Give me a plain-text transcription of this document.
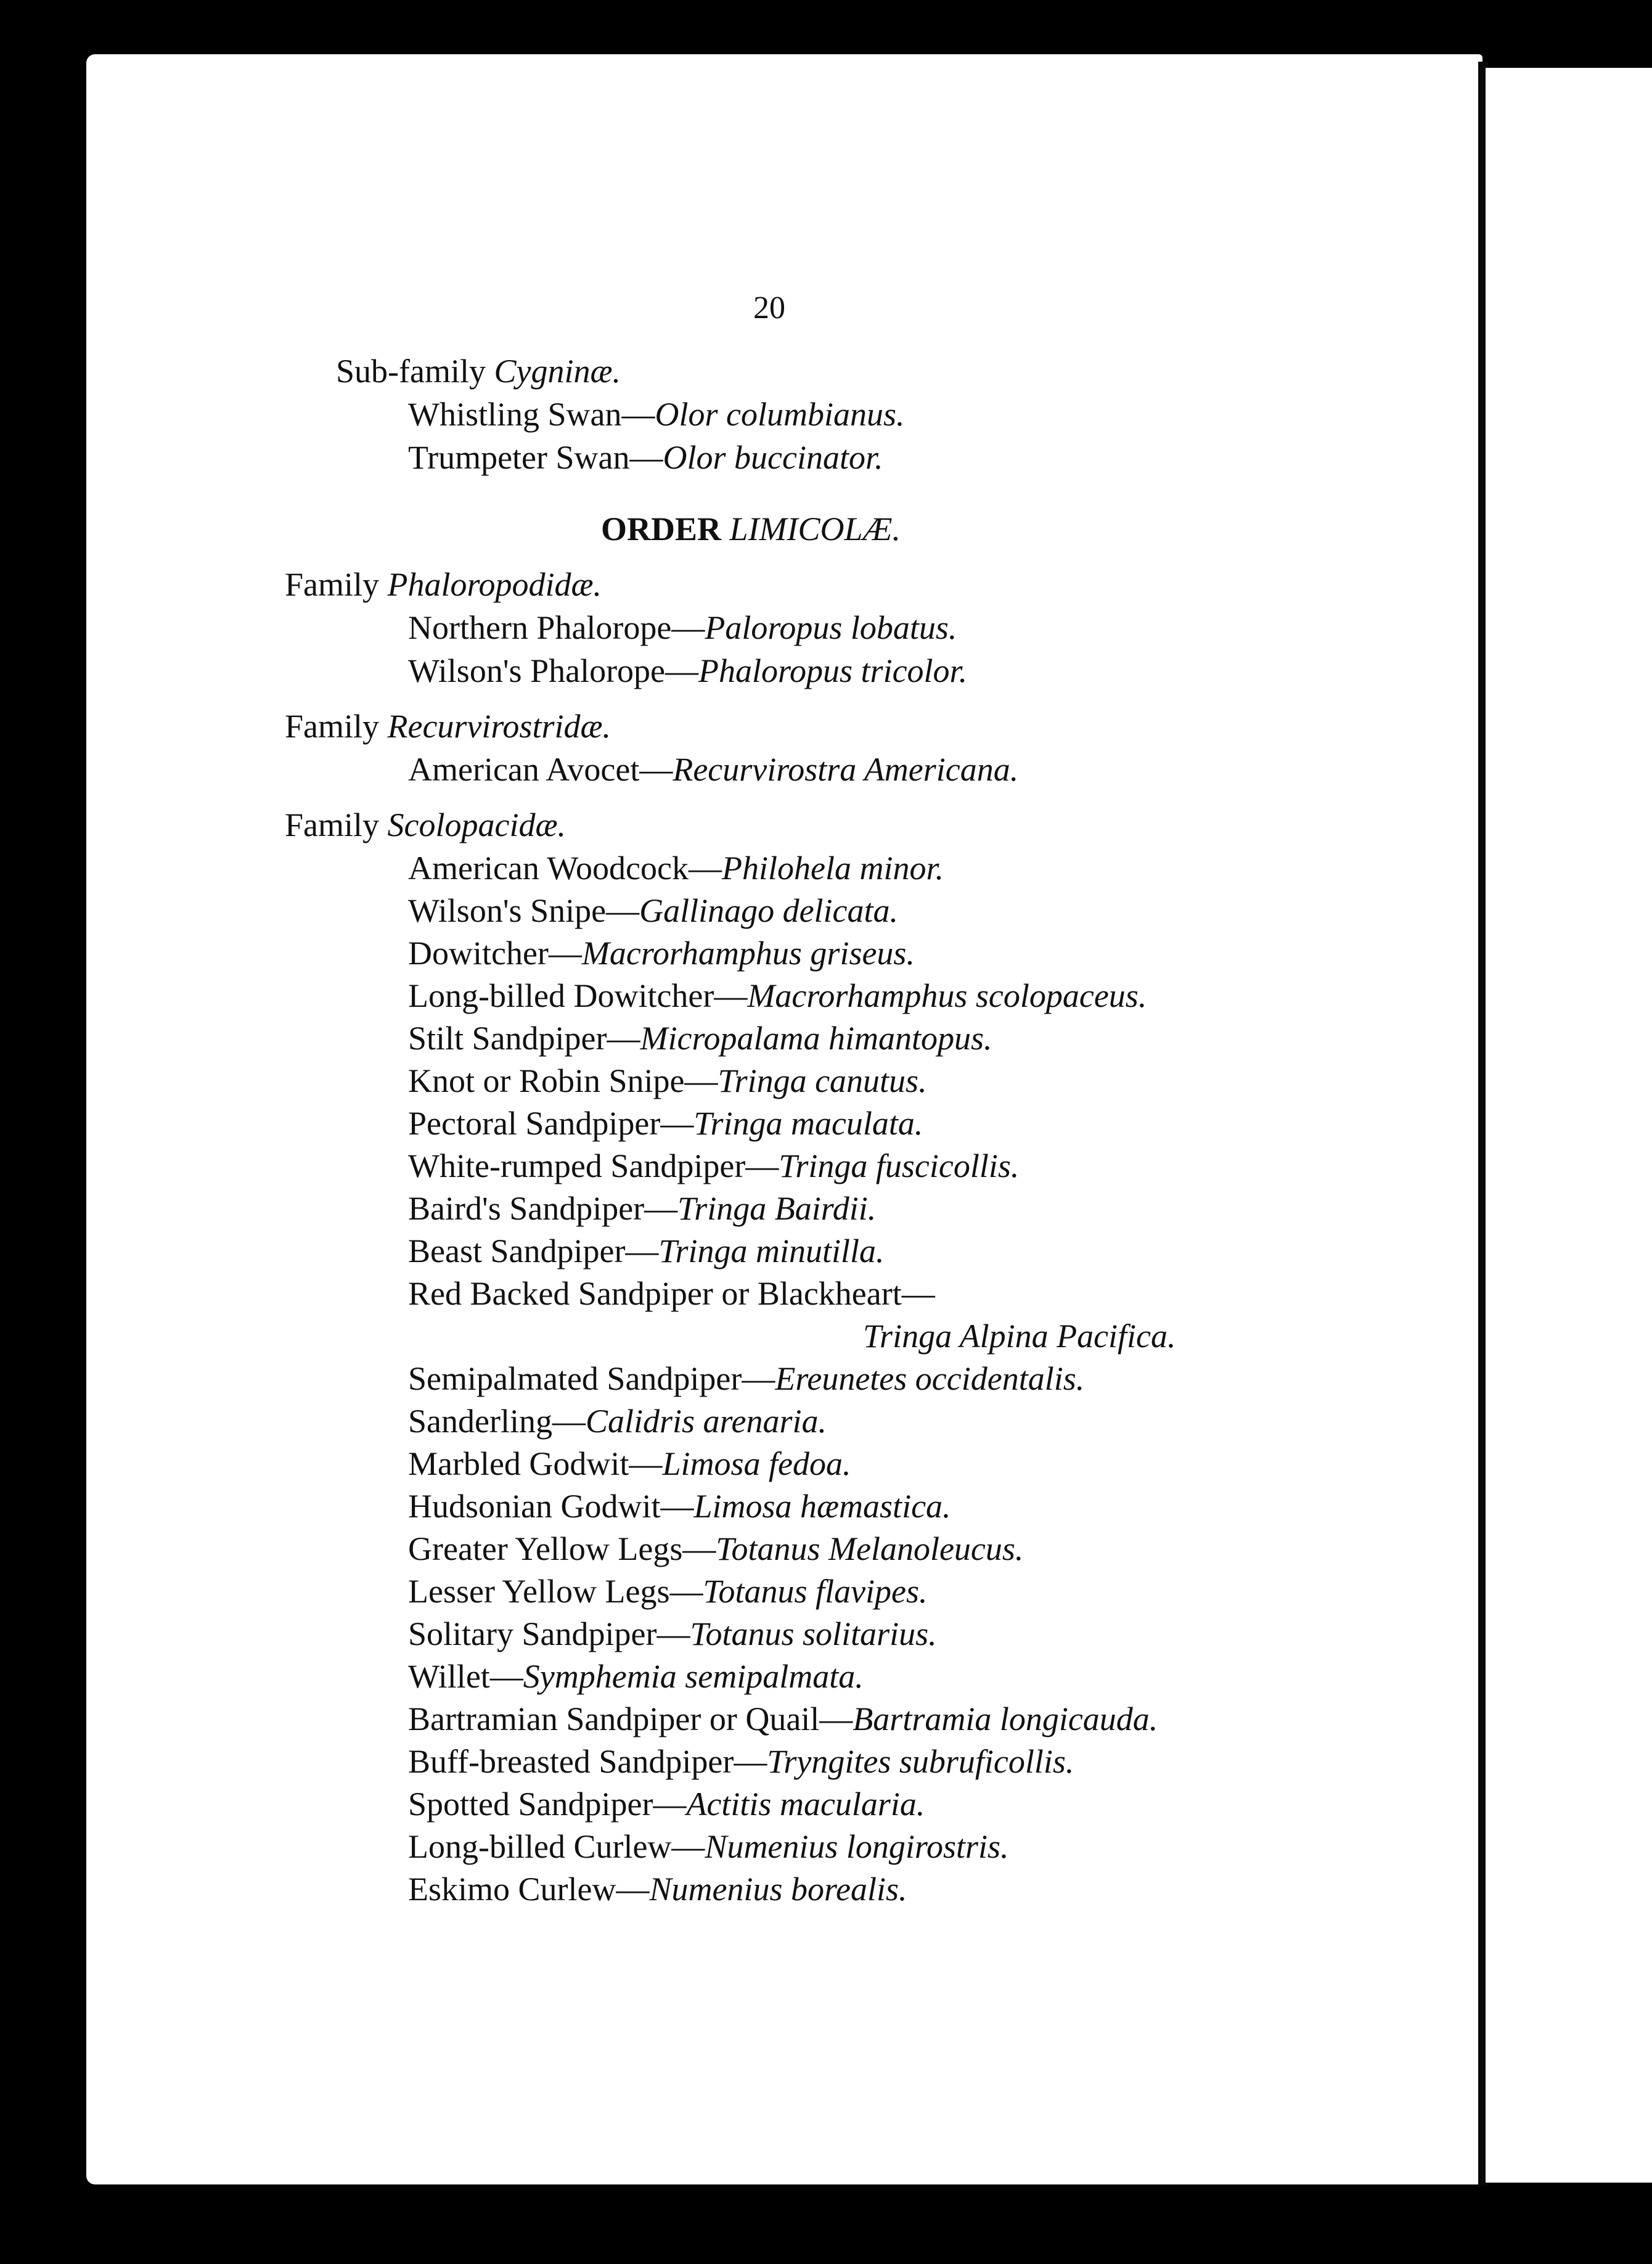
20
Sub-family Cygninæ.
Whistling Swan—Olor columbianus.
Trumpeter Swan—Olor buccinator.
ORDER LIMICOLÆ.
Family Phaloropodidæ.
Northern Phalorope—Paloropus lobatus.
Wilson's Phalorope—Phaloropus tricolor.
Family Recurvirostridæ.
American Avocet—Recurvirostra Americana.
Family Scolopacidæ.
American Woodcock—Philohela minor.
Wilson's Snipe—Gallinago delicata.
Dowitcher—Macrorhamphus griseus.
Long-billed Dowitcher—Macrorhamphus scolopaceus.
Stilt Sandpiper—Micropalama himantopus.
Knot or Robin Snipe—Tringa canutus.
Pectoral Sandpiper—Tringa maculata.
White-rumped Sandpiper—Tringa fuscicollis.
Baird's Sandpiper—Tringa Bairdii.
Beast Sandpiper—Tringa minutilla.
Red Backed Sandpiper or Blackheart—
Tringa Alpina Pacifica.
Semipalmated Sandpiper—Ereunetes occidentalis.
Sanderling—Calidris arenaria.
Marbled Godwit—Limosa fedoa.
Hudsonian Godwit—Limosa hæmastica.
Greater Yellow Legs—Totanus Melanoleucus.
Lesser Yellow Legs—Totanus flavipes.
Solitary Sandpiper—Totanus solitarius.
Willet—Symphemia semipalmata.
Bartramian Sandpiper or Quail—Bartramia longicauda.
Buff-breasted Sandpiper—Tryngites subruficollis.
Spotted Sandpiper—Actitis macularia.
Long-billed Curlew—Numenius longirostris.
Eskimo Curlew—Numenius borealis.
